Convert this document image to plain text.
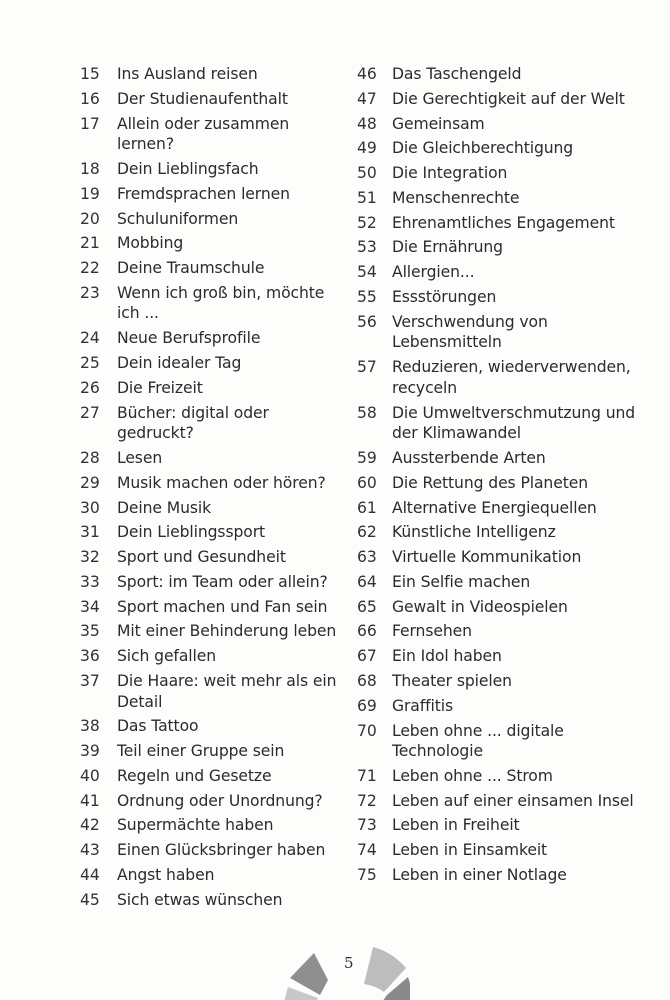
15	Ins Ausland reisen
16	Der Studienaufenthalt
17	Allein oder zusammen lernen?
18	Dein Lieblingsfach
19	Fremdsprachen lernen
20	Schuluniformen
21	Mobbing
22	Deine Traumschule
23	Wenn ich groß bin, möchte ich ...
24	Neue Berufsprofile
25	Dein idealer Tag
26	Die Freizeit
27	Bücher: digital oder gedruckt?
28	Lesen
29	Musik machen oder hören?
30	Deine Musik
31	Dein Lieblingssport
32	Sport und Gesundheit
33	Sport: im Team oder allein?
34	Sport machen und Fan sein
35	Mit einer Behinderung leben
36	Sich gefallen
37	Die Haare: weit mehr als ein Detail
38	Das Tattoo
39	Teil einer Gruppe sein
40	Regeln und Gesetze
41	Ordnung oder Unordnung?
42	Supermächte haben
43	Einen Glücksbringer haben
44	Angst haben
45	Sich etwas wünschen
46 Das Taschengeld
47 Die Gerechtigkeit auf der Welt
48 Gemeinsam
49 Die Gleichberechtigung
50 Die Integration
51 Menschenrechte
52 Ehrenamtliches Engagement
53 Die Ernährung
54 Allergien...
55 Essstörungen
56 Verschwendung von Lebensmitteln
57 Reduzieren, wiederverwenden, recyceln
58 Die Umweltverschmutzung und der Klimawandel
59 Aussterbende Arten
60 Die Rettung des Planeten
61 Alternative Energiequellen
62 Künstliche Intelligenz
63 Virtuelle Kommunikation
64 Ein Selfie machen
65 Gewalt in Videospielen
66 Fernsehen
67 Ein Idol haben
68 Theater spielen
69 Graffitis
70 Leben ohne ... digitale Technologie
71 Leben ohne ... Strom
72 Leben auf einer einsamen Insel
73 Leben in Freiheit
74 Leben in Einsamkeit
75 Leben in einer Notlage
5
